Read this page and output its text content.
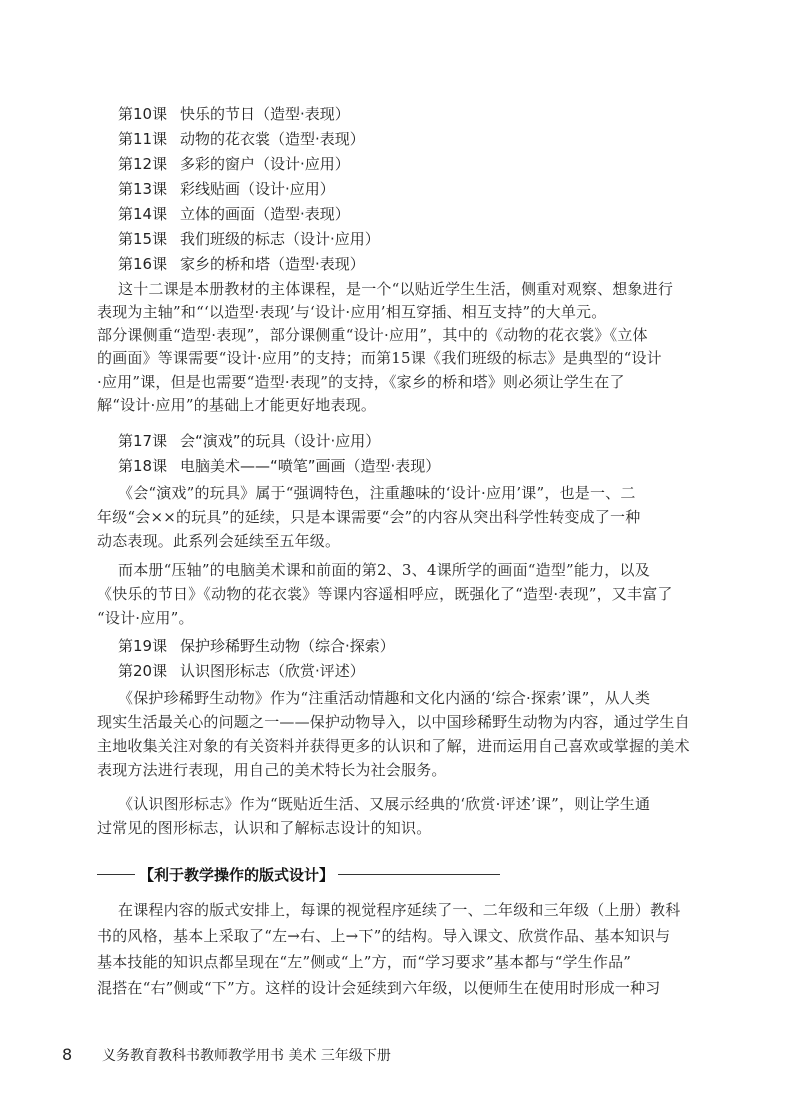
第10课 快乐的节日（造型·表现）
第11课 动物的花衣裳（造型·表现）
第12课 多彩的窗户（设计·应用）
第13课 彩线贴画（设计·应用）
第14课 立体的画面（造型·表现）
第15课 我们班级的标志（设计·应用）
第16课 家乡的桥和塔（造型·表现）
这十二课是本册教材的主体课程，是一个“以贴近学生生活，侧重对观察、想象进行
表现为主轴”和“‘以造型·表现’与‘设计·应用’相互穿插、相互支持”的大单元。
部分课侧重“造型·表现”，部分课侧重“设计·应用”，其中的《动物的花衣裳》《立体
的画面》等课需要“设计·应用”的支持；而第15课《我们班级的标志》是典型的“设计
·应用”课，但是也需要“造型·表现”的支持，《家乡的桥和塔》则必须让学生在了
解“设计·应用”的基础上才能更好地表现。
第17课 会“演戏”的玩具（设计·应用）
第18课 电脑美术——“喷笔”画画（造型·表现）
《会“演戏”的玩具》属于“强调特色，注重趣味的‘设计·应用’课”，也是一、二
年级“会××的玩具”的延续，只是本课需要“会”的内容从突出科学性转变成了一种
动态表现。此系列会延续至五年级。
而本册“压轴”的电脑美术课和前面的第2、3、4课所学的画面“造型”能力，以及
《快乐的节日》《动物的花衣裳》等课内容遥相呼应，既强化了“造型·表现”，又丰富了
“设计·应用”。
第19课 保护珍稀野生动物（综合·探索）
第20课 认识图形标志（欣赏·评述）
《保护珍稀野生动物》作为“注重活动情趣和文化内涵的‘综合·探索’课”，从人类
现实生活最关心的问题之一——保护动物导入，以中国珍稀野生动物为内容，通过学生自
主地收集关注对象的有关资料并获得更多的认识和了解，进而运用自己喜欢或掌握的美术
表现方法进行表现，用自己的美术特长为社会服务。
《认识图形标志》作为“既贴近生活、又展示经典的‘欣赏·评述’课”，则让学生通
过常见的图形标志，认识和了解标志设计的知识。
【利于教学操作的版式设计】
在课程内容的版式安排上，每课的视觉程序延续了一、二年级和三年级（上册）教科
书的风格，基本上采取了“左→右、上→下”的结构。导入课文、欣赏作品、基本知识与
基本技能的知识点都呈现在“左”侧或“上”方，而“学习要求”基本都与“学生作品”
混搭在“右”侧或“下”方。这样的设计会延续到六年级，以便师生在使用时形成一种习
8 义务教育教科书教师教学用书 美术 三年级下册
